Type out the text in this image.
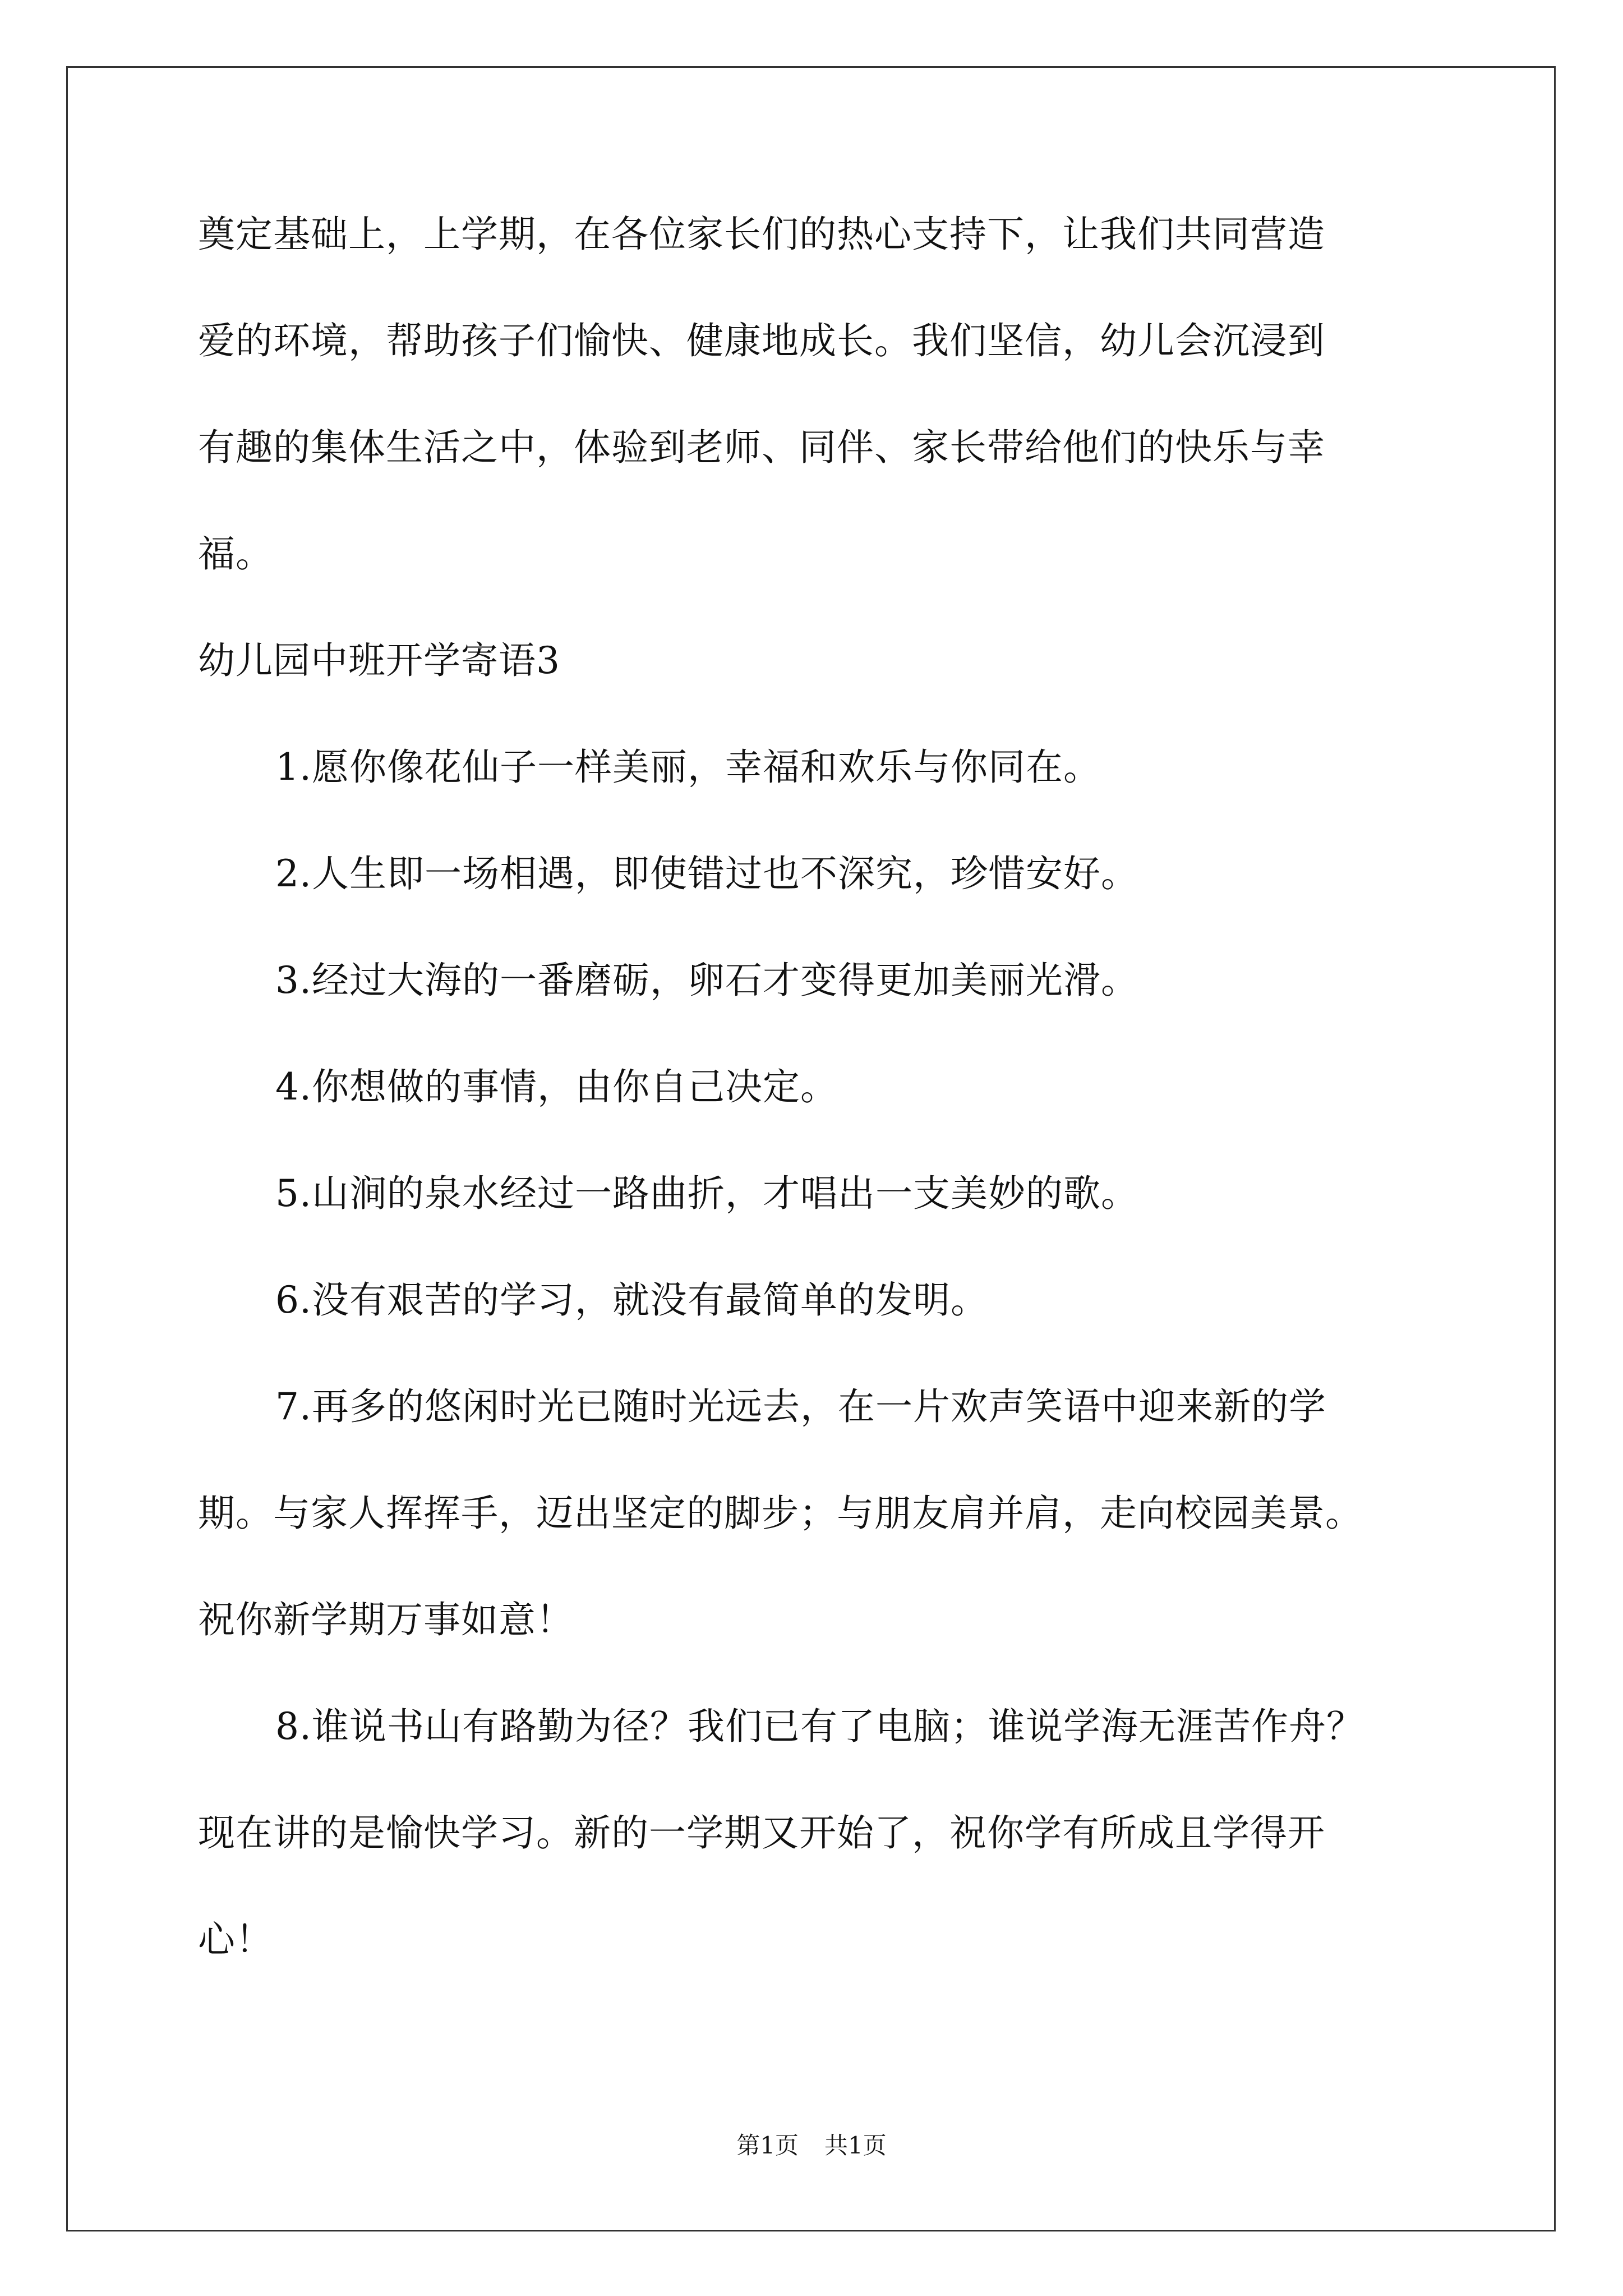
奠定基础上，上学期，在各位家长们的热心支持下，让我们共同营造
爱的环境，帮助孩子们愉快、健康地成长。我们坚信，幼儿会沉浸到
有趣的集体生活之中，体验到老师、同伴、家长带给他们的快乐与幸
福。
幼儿园中班开学寄语3
1.愿你像花仙子一样美丽，幸福和欢乐与你同在。
2.人生即一场相遇，即使错过也不深究，珍惜安好。
3.经过大海的一番磨砺，卵石才变得更加美丽光滑。
4.你想做的事情，由你自己决定。
5.山涧的泉水经过一路曲折，才唱出一支美妙的歌。
6.没有艰苦的学习，就没有最简单的发明。
7.再多的悠闲时光已随时光远去，在一片欢声笑语中迎来新的学
期。与家人挥挥手，迈出坚定的脚步；与朋友肩并肩，走向校园美景。
祝你新学期万事如意！
8.谁说书山有路勤为径？我们已有了电脑；谁说学海无涯苦作舟？
现在讲的是愉快学习。新的一学期又开始了，祝你学有所成且学得开
心！
第1页 共1页
